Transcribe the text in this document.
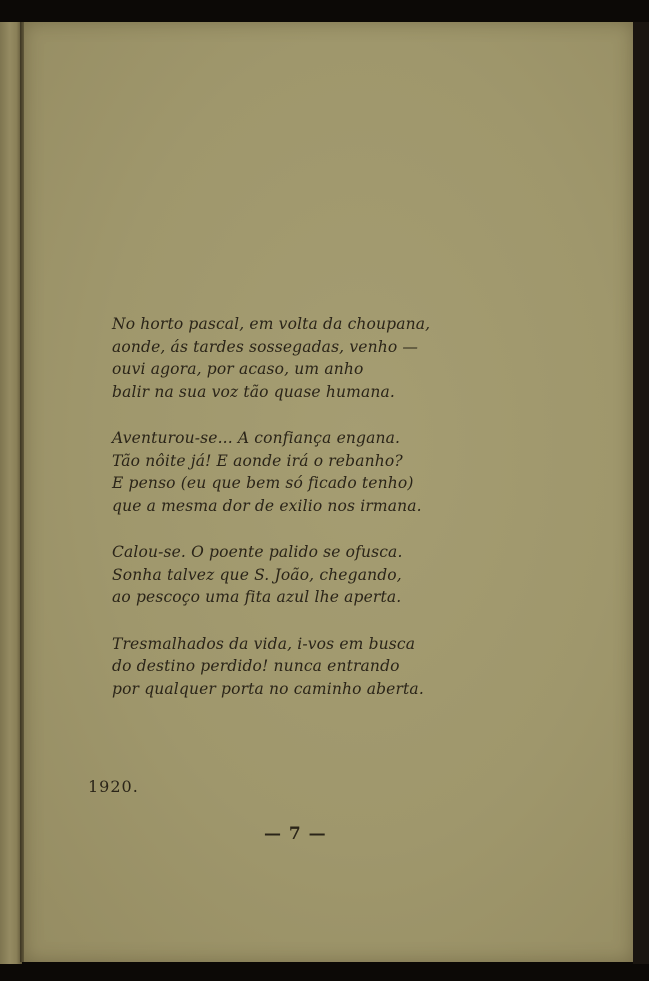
No horto pascal, em volta da choupana,
aonde, ás tardes sossegadas, venho —
ouvi agora, por acaso, um anho
balir na sua voz tão quase humana.
Aventurou-se... A confiança engana.
Tão nôite já! E aonde irá o rebanho?
E penso (eu que bem só ficado tenho)
que a mesma dor de exilio nos irmana.
Calou-se. O poente palido se ofusca.
Sonha talvez que S. João, chegando,
ao pescoço uma fita azul lhe aperta.
Tresmalhados da vida, i-vos em busca
do destino perdido! nunca entrando
por qualquer porta no caminho aberta.
1920.
— 7 —
